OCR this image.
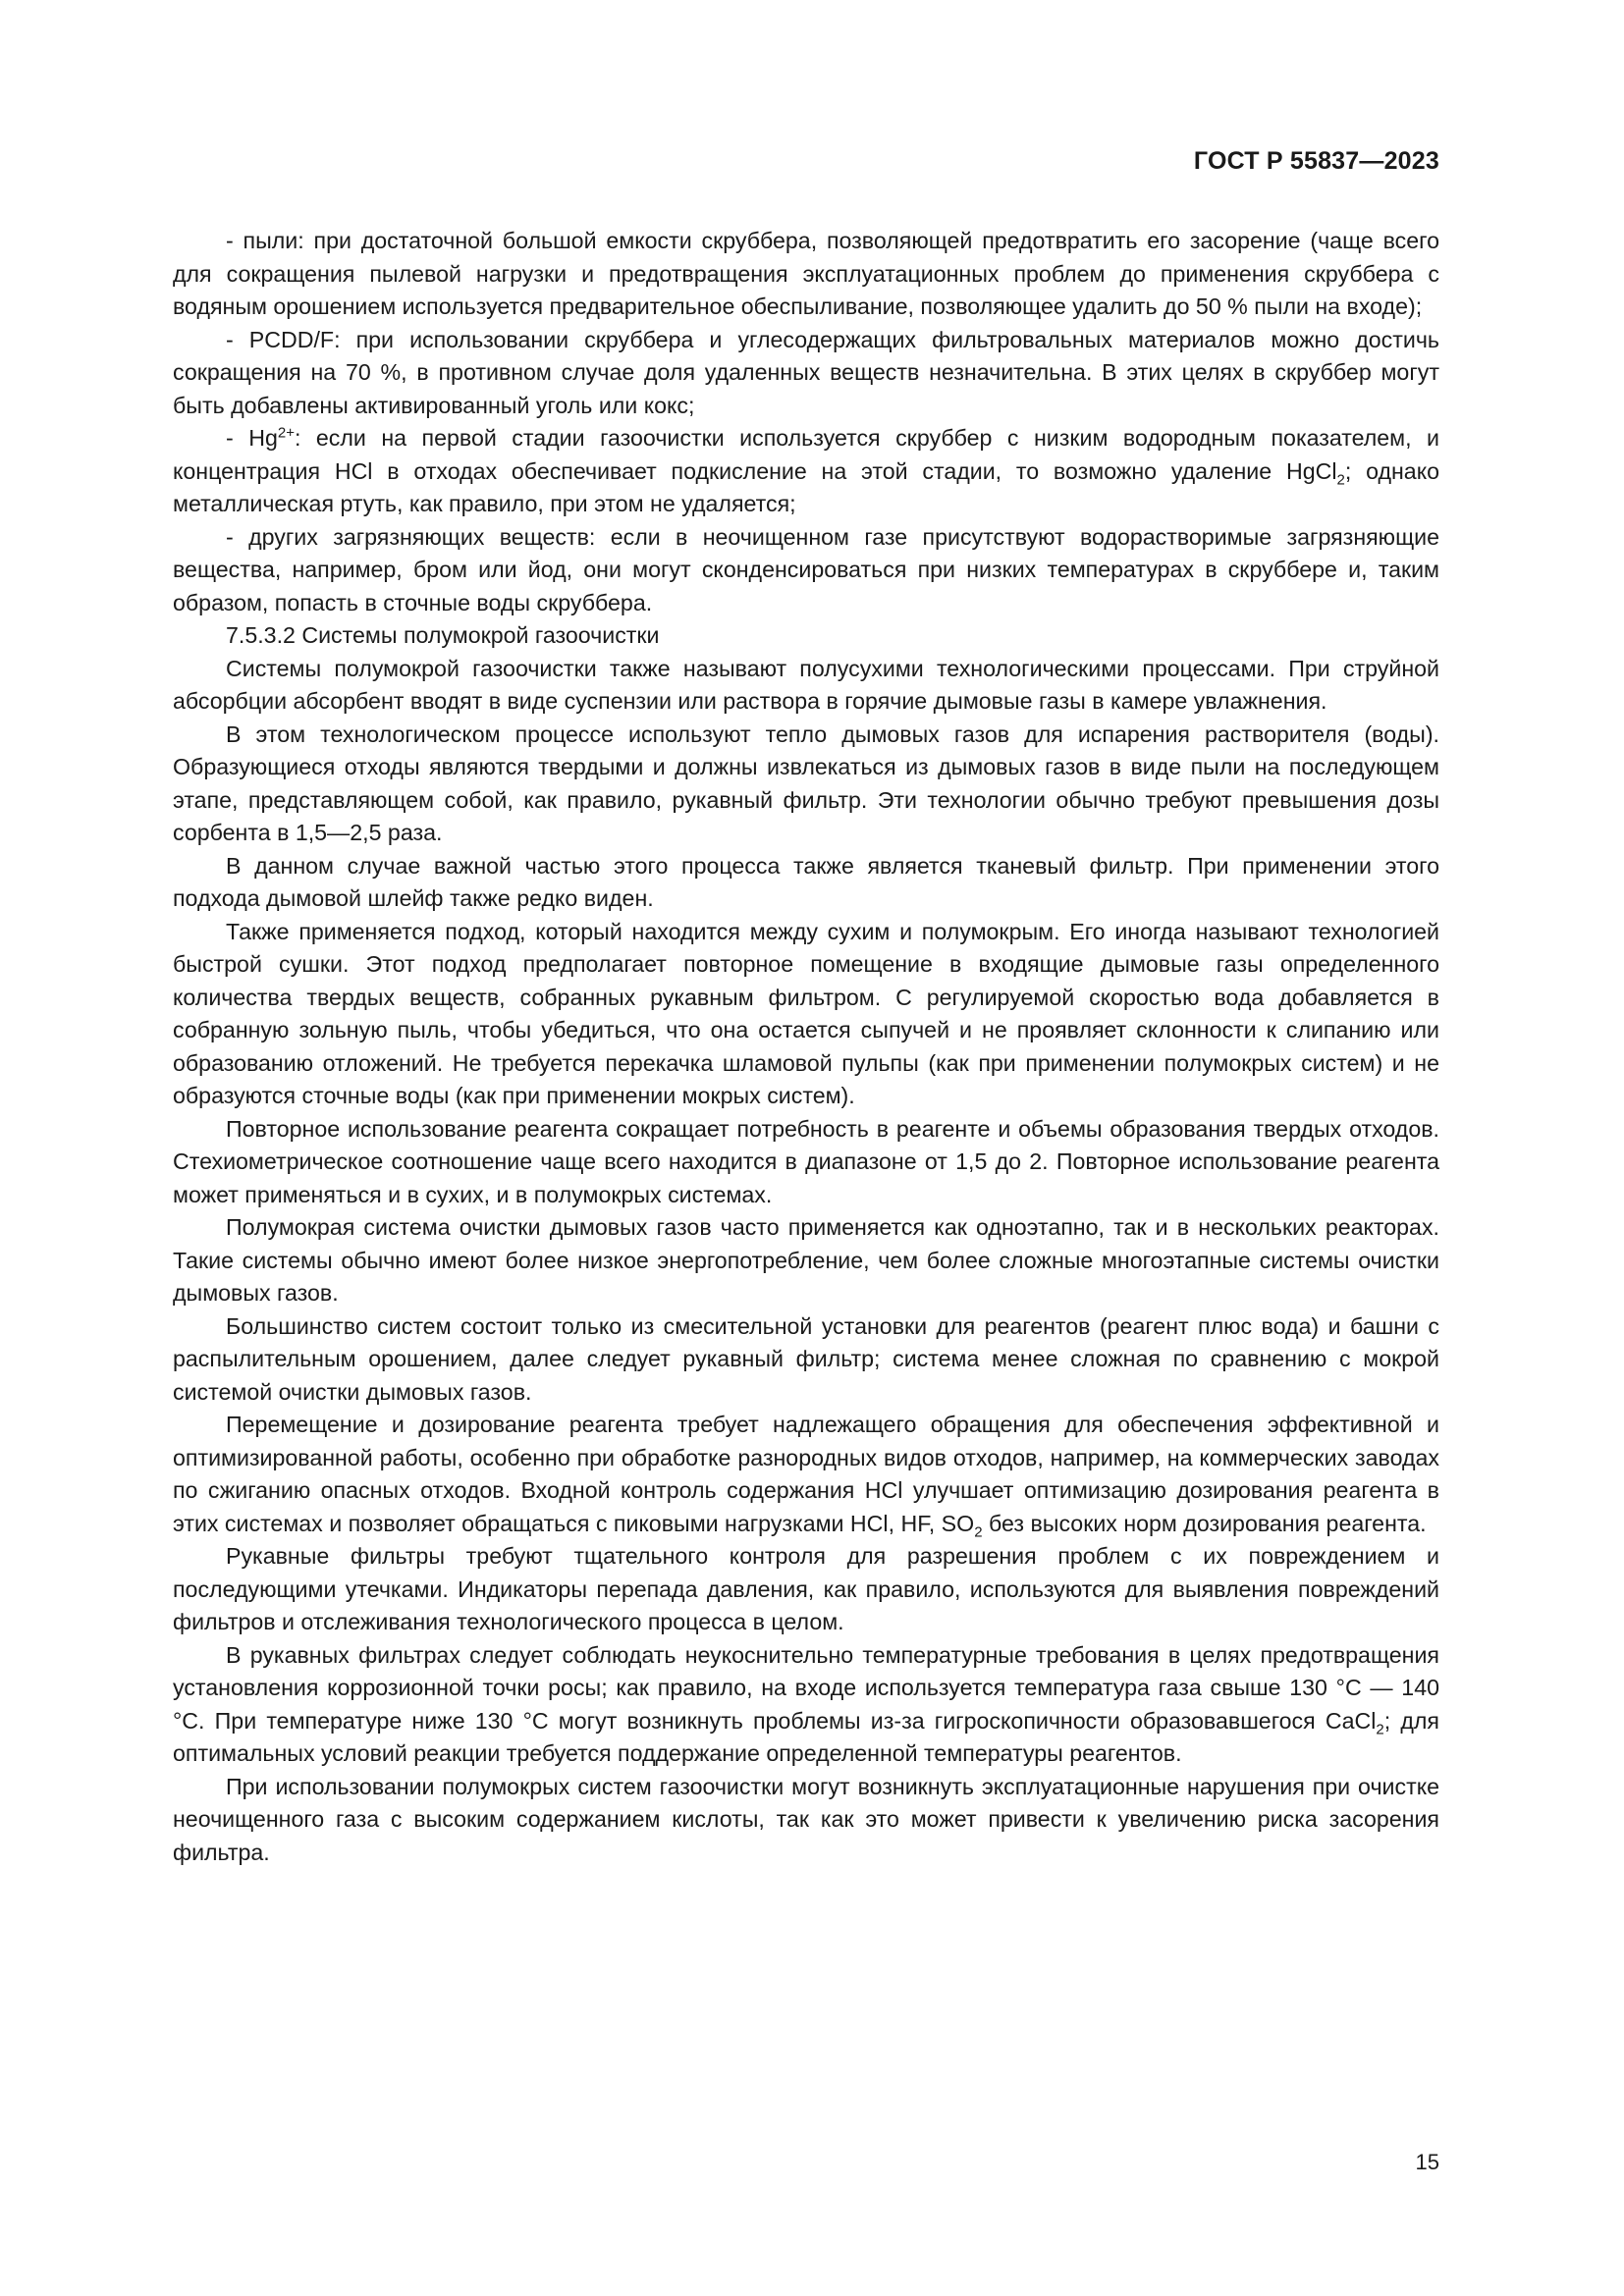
ГОСТ Р 55837—2023

- пыли: при достаточной большой емкости скруббера, позволяющей предотвратить его засорение (чаще всего для сокращения пылевой нагрузки и предотвращения эксплуатационных проблем до применения скруббера с водяным орошением используется предварительное обеспыливание, позволяющее удалить до 50 % пыли на входе);

- PCDD/F: при использовании скруббера и углесодержащих фильтровальных материалов можно достичь сокращения на 70 %, в противном случае доля удаленных веществ незначительна. В этих целях в скруббер могут быть добавлены активированный уголь или кокс;

- $Hg^{2+}$: если на первой стадии газоочистки используется скруббер с низким водородным показателем, и концентрация HCl в отходах обеспечивает подкисление на этой стадии, то возможно удаление HgCl$_2$; однако металлическая ртуть, как правило, при этом не удаляется;

- других загрязняющих веществ: если в неочищенном газе присутствуют водорастворимые загрязняющие вещества, например, бром или йод, они могут сконденсироваться при низких температурах в скруббере и, таким образом, попасть в сточные воды скруббера.

7.5.3.2 Системы полумокрой газоочистки

Системы полумокрой газоочистки также называют полусухими технологическими процессами. При струйной абсорбции абсорбент вводят в виде суспензии или раствора в горячие дымовые газы в камере увлажнения.

В этом технологическом процессе используют тепло дымовых газов для испарения растворителя (воды). Образующиеся отходы являются твердыми и должны извлекаться из дымовых газов в виде пыли на последующем этапе, представляющем собой, как правило, рукавный фильтр. Эти технологии обычно требуют превышения дозы сорбента в 1,5—2,5 раза.

В данном случае важной частью этого процесса также является тканевый фильтр. При применении этого подхода дымовой шлейф также редко виден.

Также применяется подход, который находится между сухим и полумокрым. Его иногда называют технологией быстрой сушки. Этот подход предполагает повторное помещение в входящие дымовые газы определенного количества твердых веществ, собранных рукавным фильтром. С регулируемой скоростью вода добавляется в собранную зольную пыль, чтобы убедиться, что она остается сыпучей и не проявляет склонности к слипанию или образованию отложений. Не требуется перекачка шламовой пульпы (как при применении полумокрых систем) и не образуются сточные воды (как при применении мокрых систем).

Повторное использование реагента сокращает потребность в реагенте и объемы образования твердых отходов. Стехиометрическое соотношение чаще всего находится в диапазоне от 1,5 до 2. Повторное использование реагента может применяться и в сухих, и в полумокрых системах.

Полумокрая система очистки дымовых газов часто применяется как одноэтапно, так и в нескольких реакторах. Такие системы обычно имеют более низкое энергопотребление, чем более сложные многоэтапные системы очистки дымовых газов.

Большинство систем состоит только из смесительной установки для реагентов (реагент плюс вода) и башни с распылительным орошением, далее следует рукавный фильтр; система менее сложная по сравнению с мокрой системой очистки дымовых газов.

Перемещение и дозирование реагента требует надлежащего обращения для обеспечения эффективной и оптимизированной работы, особенно при обработке разнородных видов отходов, например, на коммерческих заводах по сжиганию опасных отходов. Входной контроль содержания HCl улучшает оптимизацию дозирования реагента в этих системах и позволяет обращаться с пиковыми нагрузками HCl, HF, $SO_2$ без высоких норм дозирования реагента.

Рукавные фильтры требуют тщательного контроля для разрешения проблем с их повреждением и последующими утечками. Индикаторы перепада давления, как правило, используются для выявления повреждений фильтров и отслеживания технологического процесса в целом.

В рукавных фильтрах следует соблюдать неукоснительно температурные требования в целях предотвращения установления коррозионной точки росы; как правило, на входе используется температура газа свыше 130 °С — 140 °С. При температуре ниже 130 °С могут возникнуть проблемы из-за гигроскопичности образовавшегося CaCl$_2$; для оптимальных условий реакции требуется поддержание определенной температуры реагентов.

При использовании полумокрых систем газоочистки могут возникнуть эксплуатационные нарушения при очистке неочищенного газа с высоким содержанием кислоты, так как это может привести к увеличению риска засорения фильтра.

15
